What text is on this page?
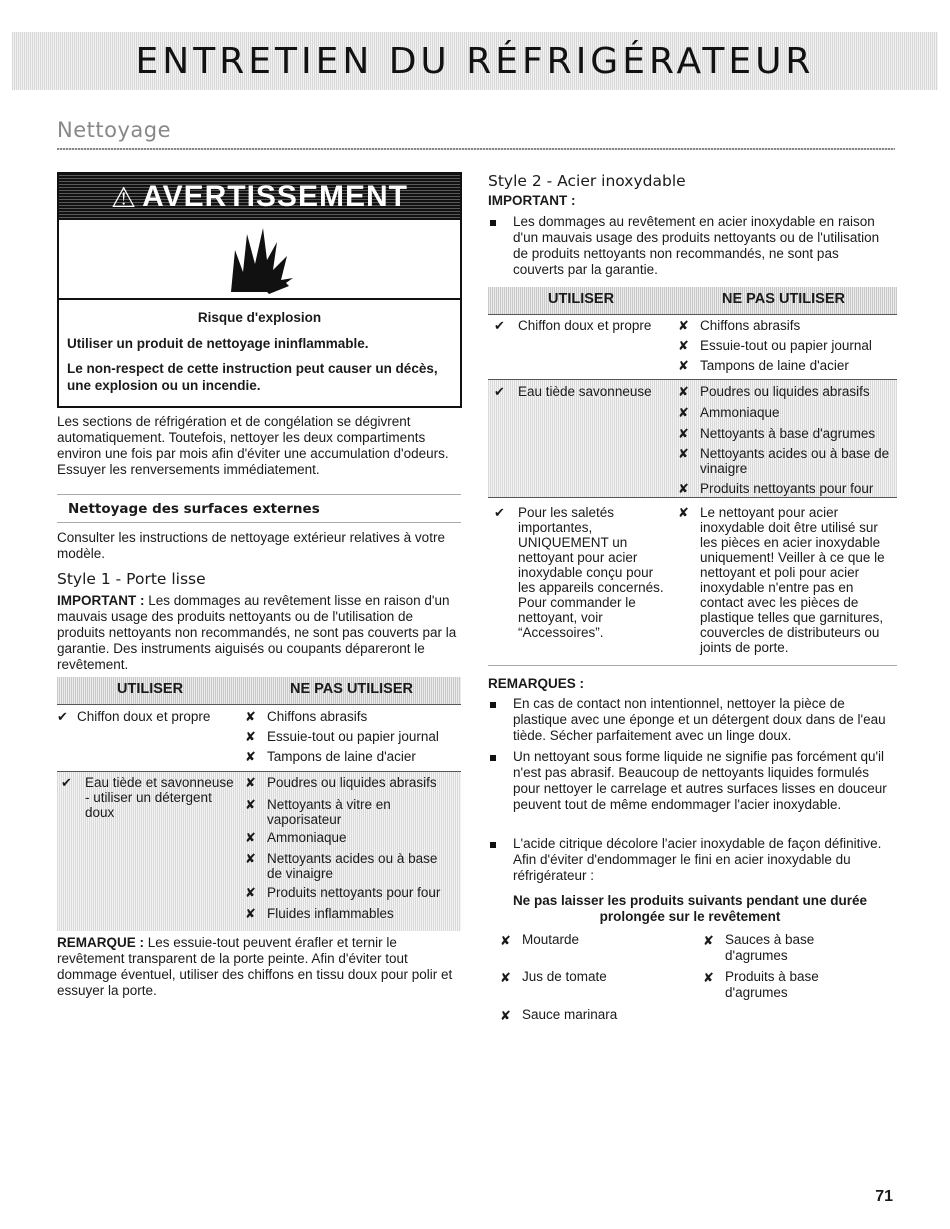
ENTRETIEN DU RÉFRIGÉRATEUR
Nettoyage
⚠ AVERTISSEMENT
Risque d'explosion

Utiliser un produit de nettoyage ininflammable.

Le non-respect de cette instruction peut causer un décès, une explosion ou un incendie.

Les sections de réfrigération et de congélation se dégivrent automatiquement. Toutefois, nettoyer les deux compartiments environ une fois par mois afin d'éviter une accumulation d'odeurs. Essuyer les renversements immédiatement.

Nettoyage des surfaces externes

Consulter les instructions de nettoyage extérieur relatives à votre modèle.

Style 1 - Porte lisse

IMPORTANT : Les dommages au revêtement lisse en raison d'un mauvais usage des produits nettoyants ou de l'utilisation de produits nettoyants non recommandés, ne sont pas couverts par la garantie. Des instruments aiguisés ou coupants dépareront le revêtement.

UTILISER	NE PAS UTILISER
✔ Chiffon doux et propre	✘ Chiffons abrasifs
✘ Essuie-tout ou papier journal
✘ Tampons de laine d'acier
✔ Eau tiède et savonneuse - utiliser un détergent doux
✘ Poudres ou liquides abrasifs
✘ Nettoyants à vitre en vaporisateur
✘ Ammoniaque
✘ Nettoyants acides ou à base de vinaigre
✘ Produits nettoyants pour four
✘ Fluides inflammables

REMARQUE : Les essuie-tout peuvent érafler et ternir le revêtement transparent de la porte peinte. Afin d'éviter tout dommage éventuel, utiliser des chiffons en tissu doux pour polir et essuyer la porte.

Style 2 - Acier inoxydable
IMPORTANT :

Les dommages au revêtement en acier inoxydable en raison d'un mauvais usage des produits nettoyants ou de l'utilisation de produits nettoyants non recommandés, ne sont pas couverts par la garantie.

UTILISER	NE PAS UTILISER
✔ Chiffon doux et propre ✘ Chiffons abrasifs
✘ Essuie-tout ou papier journal
✘ Tampons de laine d'acier
✔ Eau tiède savonneuse ✘ Poudres ou liquides abrasifs
✘ Ammoniaque
✘ Nettoyants à base d'agrumes
✘ Nettoyants acides ou à base de vinaigre
✘ Produits nettoyants pour four
✔ Pour les saletés importantes, UNIQUEMENT un nettoyant pour acier inoxydable conçu pour les appareils concernés. Pour commander le nettoyant, voir “Accessoires”.
✘ Le nettoyant pour acier inoxydable doit être utilisé sur les pièces en acier inoxydable uniquement! Veiller à ce que le nettoyant et poli pour acier inoxydable n'entre pas en contact avec les pièces de plastique telles que garnitures, couvercles de distributeurs ou joints de porte.
REMARQUES :

En cas de contact non intentionnel, nettoyer la pièce de plastique avec une éponge et un détergent doux dans de l'eau tiède. Sécher parfaitement avec un linge doux.

Un nettoyant sous forme liquide ne signifie pas forcément qu'il n'est pas abrasif. Beaucoup de nettoyants liquides formulés pour nettoyer le carrelage et autres surfaces lisses en douceur peuvent tout de même endommager l'acier inoxydable.

L'acide citrique décolore l'acier inoxydable de façon définitive. Afin d'éviter d'endommager le fini en acier inoxydable du réfrigérateur :

Ne pas laisser les produits suivants pendant une durée prolongée sur le revêtement

✘ Moutarde
✘ Jus de tomate
✘ Sauce marinara
✘ Sauces à base d'agrumes
✘ Produits à base d'agrumes
71
